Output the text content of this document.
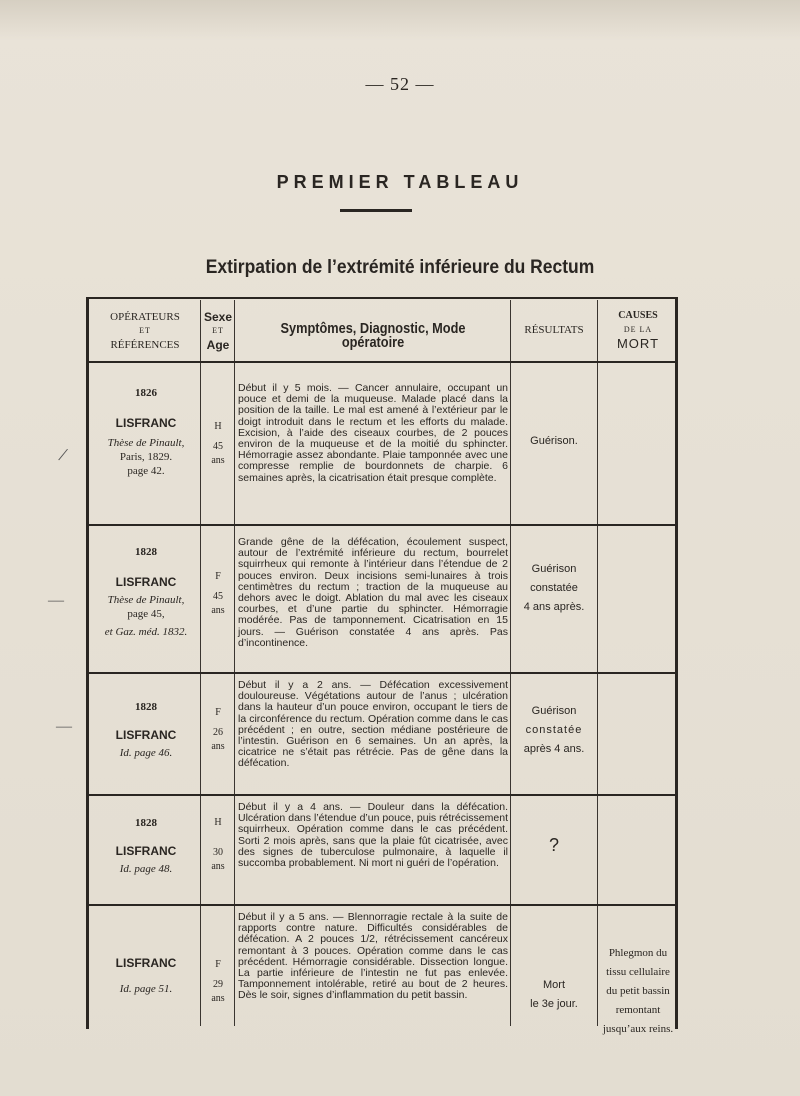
— 52 —
PREMIER TABLEAU
Extirpation de l’extrémité inférieure du Rectum
OPÉRATEURS
ET
RÉFÉRENCES
Sexe
ET
Age
Symptômes, Diagnostic, Mode opératoire
RÉSULTATS
CAUSES
DE LA
MORT
1826
LISFRANC
Thèse de Pinault,
Paris, 1829.
page 42.
H
45
ans
Début il y 5 mois. — Cancer annulaire, occupant un pouce et demi de la muqueuse. Malade placé dans la position de la taille. Le mal est amené à l’extérieur par le doigt introduit dans le rectum et les efforts du malade. Excision, à l’aide des ciseaux courbes, de 2 pouces environ de la muqueuse et de la moitié du sphincter. Hémorragie assez abondante. Plaie tamponnée avec une compresse remplie de bourdonnets de charpie. 6 semaines après, la cicatrisation était presque complète.
Guérison.
1828
LISFRANC
Thèse de Pinault,
page 45,
et Gaz. méd. 1832.
F
45
ans
Grande gêne de la défécation, écoulement suspect, autour de l’extrémité inférieure du rectum, bourrelet squirrheux qui remonte à l’intérieur dans l’étendue de 2 pouces environ. Deux incisions semi-lunaires à trois centimètres du rectum ; traction de la muqueuse au dehors avec le doigt. Ablation du mal avec les ciseaux courbes, et d’une partie du sphincter. Hémorragie modérée. Pas de tamponnement. Cicatrisation en 15 jours. — Guérison constatée 4 ans après. Pas d’incontinence.
Guérison
constatée
4 ans après.
1828
LISFRANC
Id. page 46.
F
26
ans
Début il y a 2 ans. — Défécation excessivement douloureuse. Végétations autour de l’anus ; ulcération dans la hauteur d’un pouce environ, occupant le tiers de la circonférence du rectum. Opération comme dans le cas précédent ; en outre, section médiane postérieure de l’intestin. Guérison en 6 semaines. Un an après, la cicatrice ne s’était pas rétrécie. Pas de gêne dans la défécation.
Guérison
constatée
après 4 ans.
1828
LISFRANC
Id. page 48.
H
30
ans
Début il y a 4 ans. — Douleur dans la défécation. Ulcération dans l’étendue d’un pouce, puis rétrécissement squirrheux. Opération comme dans le cas précédent. Sorti 2 mois après, sans que la plaie fût cicatrisée, avec des signes de tuberculose pulmonaire, à laquelle il succomba probablement. Ni mort ni guéri de l’opération.
?
LISFRANC
Id. page 51.
F
29
ans
Début il y a 5 ans. — Blennorragie rectale à la suite de rapports contre nature. Difficultés considérables de défécation. A 2 pouces 1/2, rétrécissement cancéreux remontant à 3 pouces. Opération comme dans le cas précédent. Hémorragie considérable. Dissection longue. La partie inférieure de l’intestin ne fut pas enlevée. Tamponnement intolérable, retiré au bout de 2 heures. Dès le soir, signes d’inflammation du petit bassin.
Mort
le 3e jour.
Phlegmon du
tissu cellulaire
du petit bassin
remontant jusqu’aux reins.
/
—
—
